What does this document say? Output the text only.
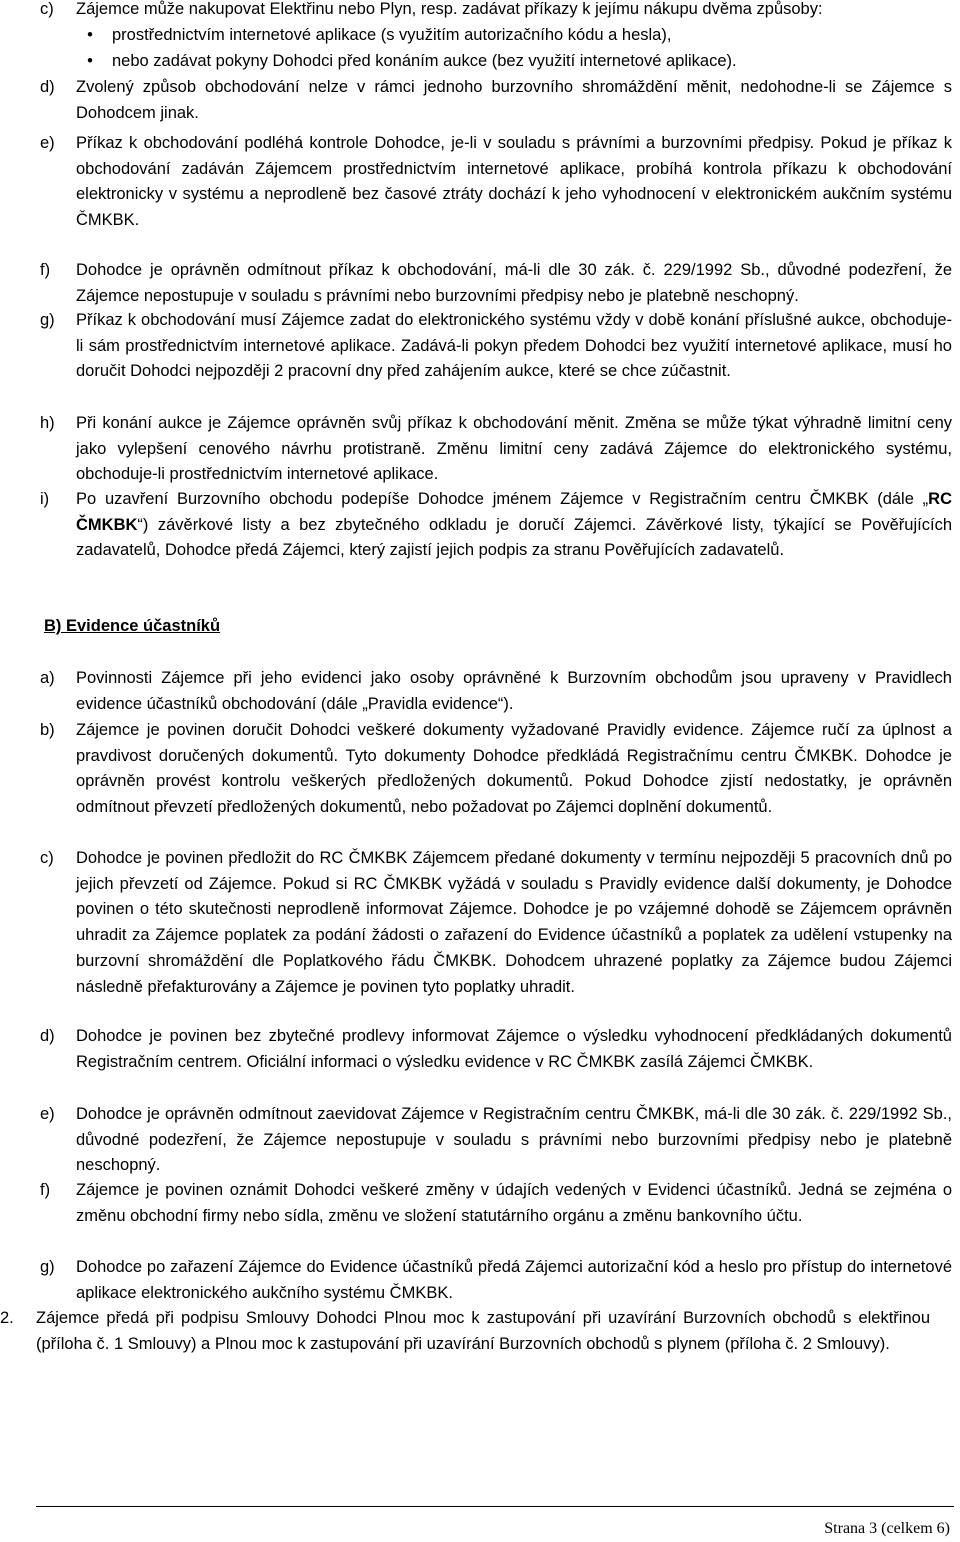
c)	Zájemce může nakupovat Elektřinu nebo Plyn, resp. zadávat příkazy k jejímu nákupu dvěma způsoby:
• prostřednictvím internetové aplikace (s využitím autorizačního kódu a hesla),
• nebo zadávat pokyny Dohodci před konáním aukce (bez využití internetové aplikace).
d)	Zvolený způsob obchodování nelze v rámci jednoho burzovního shromáždění měnit, nedohodne-li se Zájemce s Dohodcem jinak.
e)	Příkaz k obchodování podléhá kontrole Dohodce, je-li v souladu s právními a burzovními předpisy. Pokud je příkaz k obchodování zadáván Zájemcem prostřednictvím internetové aplikace, probíhá kontrola příkazu k obchodování elektronicky v systému a neprodleně bez časové ztráty dochází k jeho vyhodnocení v elektronickém aukčním systému ČMKBK.
f)	Dohodce je oprávněn odmítnout příkaz k obchodování, má-li dle 30 zák. č. 229/1992 Sb., důvodné podezření, že Zájemce nepostupuje v souladu s právními nebo burzovními předpisy nebo je platebně neschopný.
g)	Příkaz k obchodování musí Zájemce zadat do elektronického systému vždy v době konání příslušné aukce, obchoduje-li sám prostřednictvím internetové aplikace. Zadává-li pokyn předem Dohodci bez využití internetové aplikace, musí ho doručit Dohodci nejpozději 2 pracovní dny před zahájením aukce, které se chce zúčastnit.
h)	Při konání aukce je Zájemce oprávněn svůj příkaz k obchodování měnit. Změna se může týkat výhradně limitní ceny jako vylepšení cenového návrhu protistraně. Změnu limitní ceny zadává Zájemce do elektronického systému, obchoduje-li prostřednictvím internetové aplikace.
i)	Po uzavření Burzovního obchodu podepíše Dohodce jménem Zájemce v Registračním centru ČMKBK (dále „RC ČMKBK“) závěrkové listy a bez zbytečného odkladu je doručí Zájemci. Závěrkové listy, týkající se Pověřujících zadavatelů, Dohodce předá Zájemci, který zajistí jejich podpis za stranu Pověřujících zadavatelů.
B) Evidence účastníků
a)	Povinnosti Zájemce při jeho evidenci jako osoby oprávněné k Burzovním obchodům jsou upraveny v Pravidlech evidence účastníků obchodování (dále „Pravidla evidence“).
b)	Zájemce je povinen doručit Dohodci veškeré dokumenty vyžadované Pravidly evidence. Zájemce ručí za úplnost a pravdivost doručených dokumentů. Tyto dokumenty Dohodce předkládá Registračnímu centru ČMKBK. Dohodce je oprávněn provést kontrolu veškerých předložených dokumentů. Pokud Dohodce zjistí nedostatky, je oprávněn odmítnout převzetí předložených dokumentů, nebo požadovat po Zájemci doplnění dokumentů.
c)	Dohodce je povinen předložit do RC ČMKBK Zájemcem předané dokumenty v termínu nejpozději 5 pracovních dnů po jejich převzetí od Zájemce. Pokud si RC ČMKBK vyžádá v souladu s Pravidly evidence další dokumenty, je Dohodce povinen o této skutečnosti neprodleně informovat Zájemce. Dohodce je po vzájemné dohodě se Zájemcem oprávněn uhradit za Zájemce poplatek za podání žádosti o zařazení do Evidence účastníků a poplatek za udělení vstupenky na burzovní shromáždění dle Poplatkového řádu ČMKBK. Dohodcem uhrazené poplatky za Zájemce budou Zájemci následně přefakturovány a Zájemce je povinen tyto poplatky uhradit.
d)	Dohodce je povinen bez zbytečné prodlevy informovat Zájemce o výsledku vyhodnocení předkládaných dokumentů Registračním centrem. Oficiální informaci o výsledku evidence v RC ČMKBK zasílá Zájemci ČMKBK.
e)	Dohodce je oprávněn odmítnout zaevidovat Zájemce v Registračním centru ČMKBK, má-li dle 30 zák. č. 229/1992 Sb., důvodné podezření, že Zájemce nepostupuje v souladu s právními nebo burzovními předpisy nebo je platebně neschopný.
f)	Zájemce je povinen oznámit Dohodci veškeré změny v údajích vedených v Evidenci účastníků. Jedná se zejména o změnu obchodní firmy nebo sídla, změnu ve složení statutárního orgánu a změnu bankovního účtu.
g)	Dohodce po zařazení Zájemce do Evidence účastníků předá Zájemci autorizační kód a heslo pro přístup do internetové aplikace elektronického aukčního systému ČMKBK.
2.	Zájemce předá při podpisu Smlouvy Dohodci Plnou moc k zastupování při uzavírání Burzovních obchodů s elektřinou (příloha č. 1 Smlouvy) a Plnou moc k zastupování při uzavírání Burzovních obchodů s plynem (příloha č. 2 Smlouvy).
Strana 3 (celkem 6)
